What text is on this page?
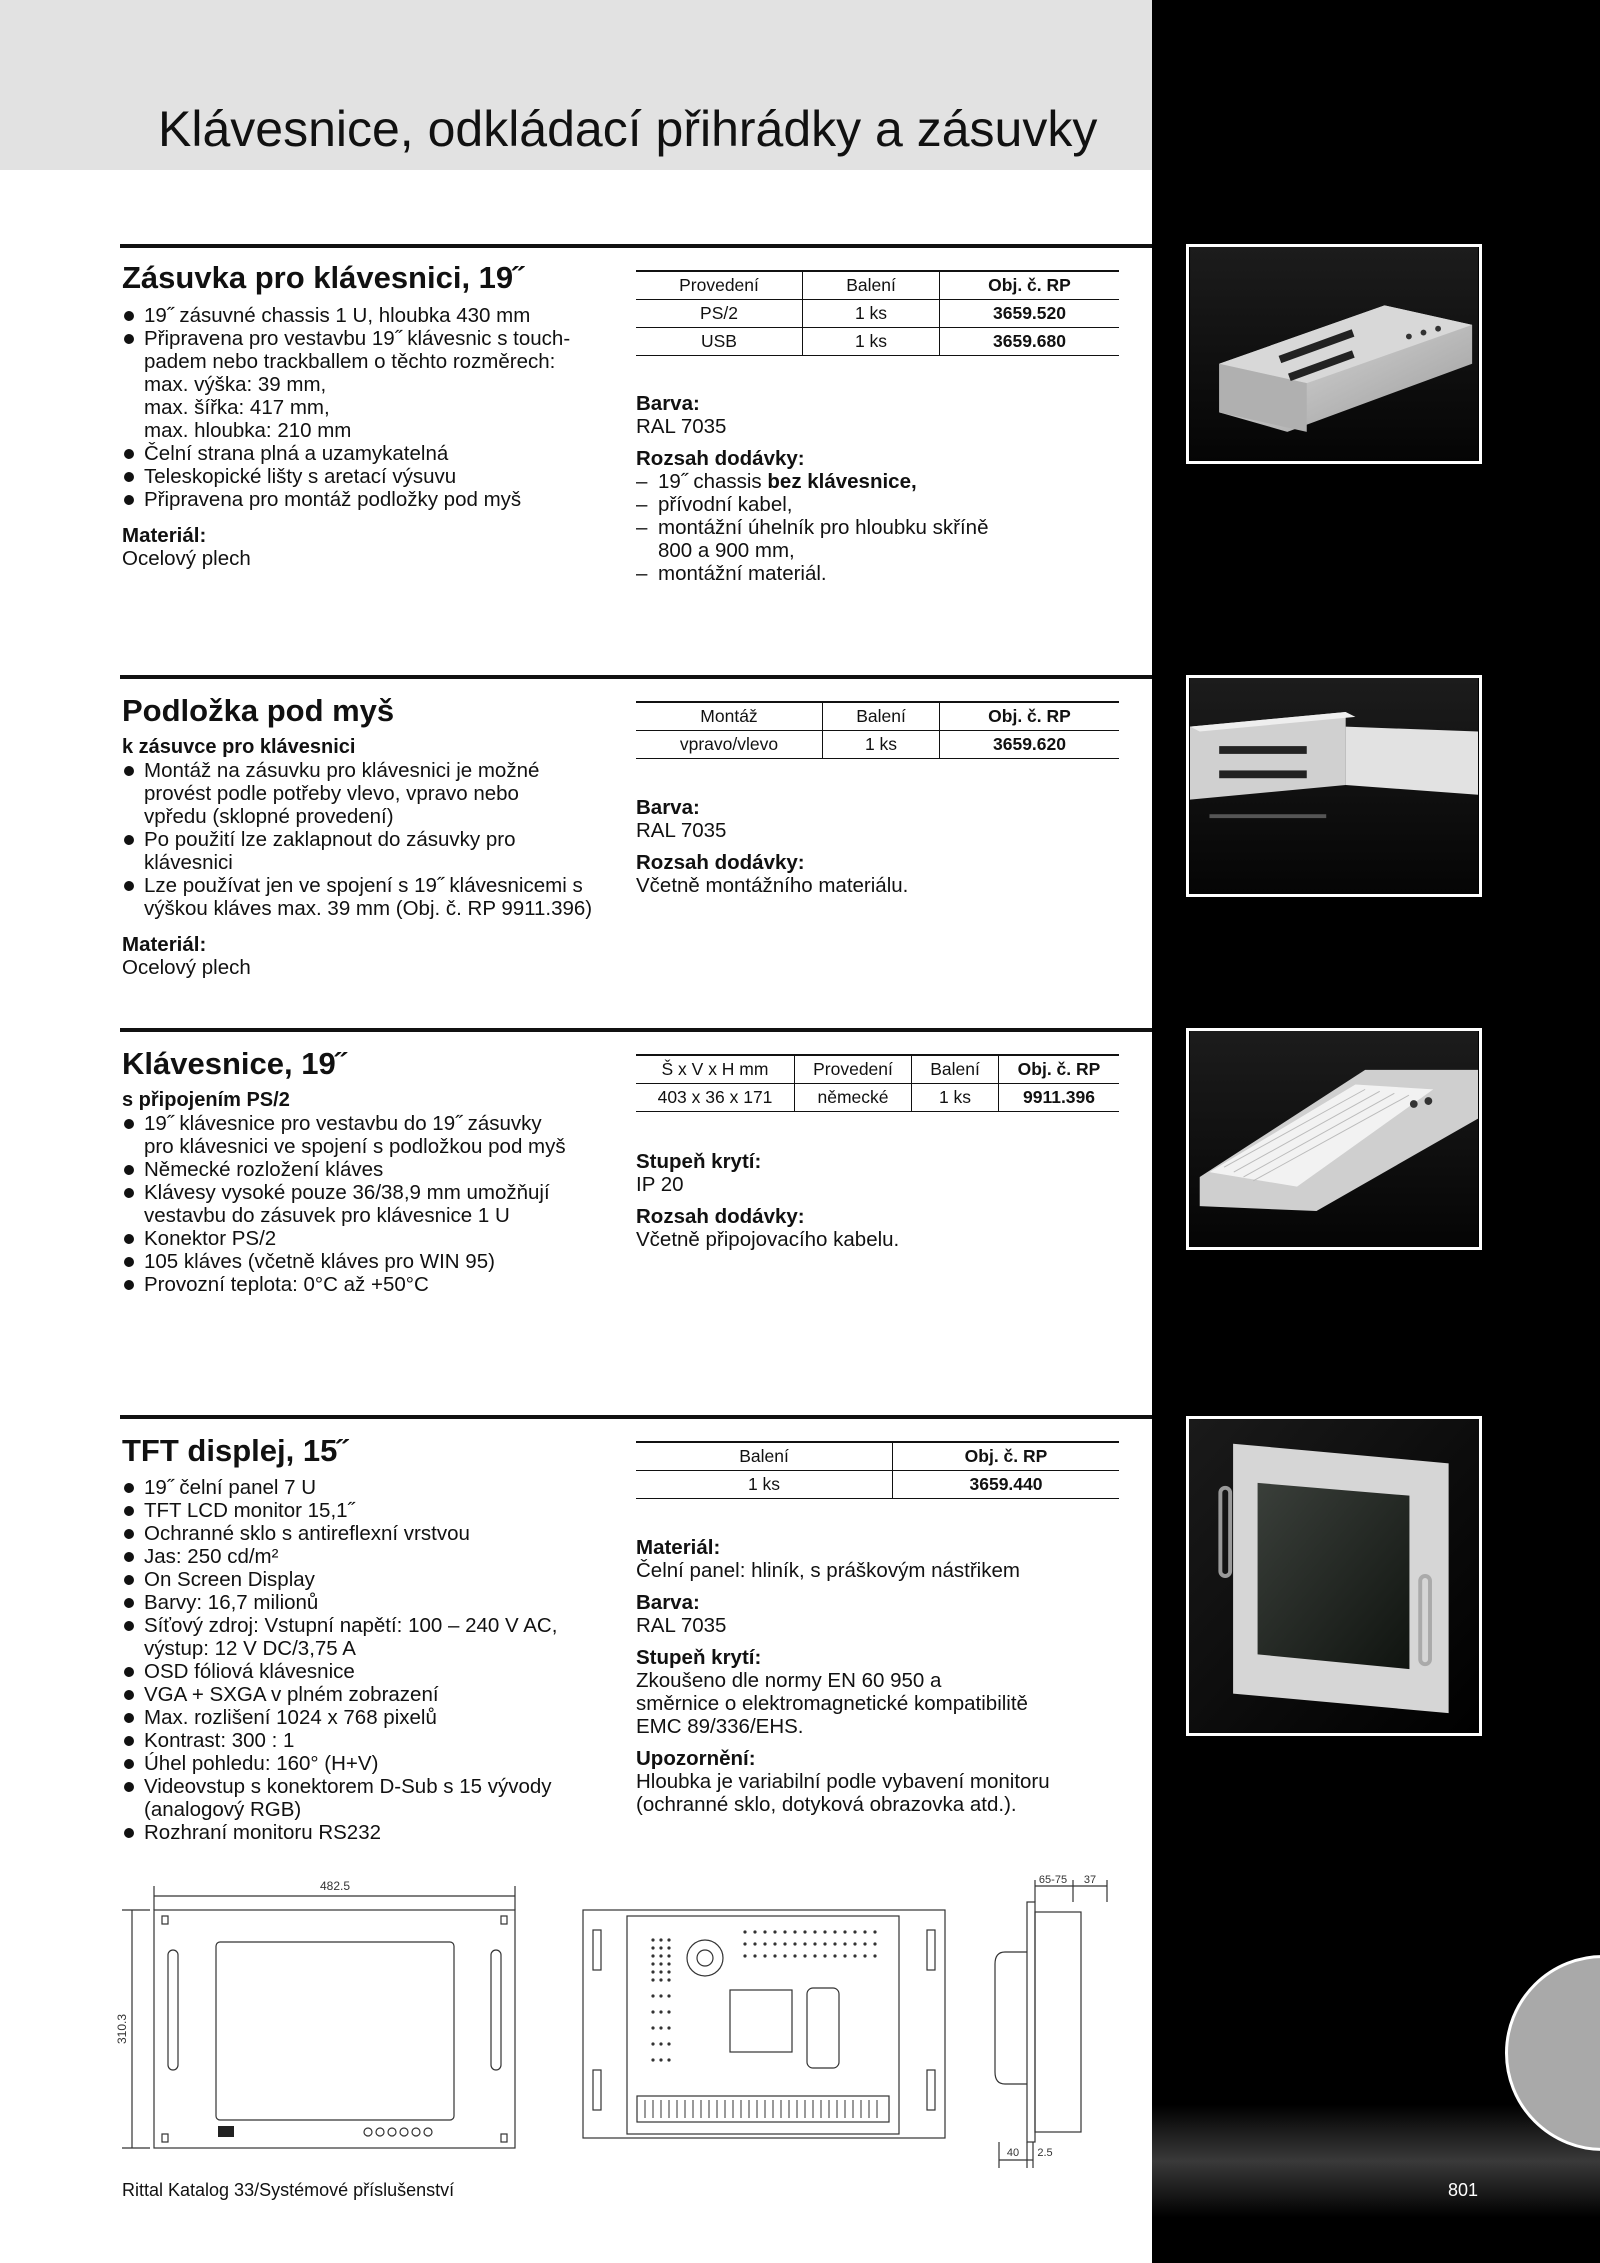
Klávesnice, odkládací přihrádky a zásuvky
Zásuvka pro klávesnici, 19˝
19˝ zásuvné chassis 1 U, hloubka 430 mm
Připravena pro vestavbu 19˝ klávesnic s touch-
padem nebo trackballem o těchto rozměrech:
max. výška: 39 mm,
max. šířka: 417 mm,
max. hloubka: 210 mm
Čelní strana plná a uzamykatelná
Teleskopické lišty s aretací výsuvu
Připravena pro montáž podložky pod myš
Materiál:
Ocelový plech
Provedení	Balení	Obj. č. RP
PS/2	1 ks	3659.520
USB	1 ks	3659.680
Barva:
RAL 7035
Rozsah dodávky:
– 19˝ chassis bez klávesnice,
– přívodní kabel,
– montážní úhelník pro hloubku skříně
800 a 900 mm,
– montážní materiál.
Podložka pod myš
k zásuvce pro klávesnici
Montáž na zásuvku pro klávesnici je možné
provést podle potřeby vlevo, vpravo nebo
vpředu (sklopné provedení)
Po použití lze zaklapnout do zásuvky pro
klávesnici
Lze používat jen ve spojení s 19˝ klávesnicemi s
výškou kláves max. 39 mm (Obj. č. RP 9911.396)
Materiál:
Ocelový plech
Montáž	Balení	Obj. č. RP
vpravo/vlevo	1 ks	3659.620
Barva:
RAL 7035
Rozsah dodávky:
Včetně montážního materiálu.
Klávesnice, 19˝
s připojením PS/2
19˝ klávesnice pro vestavbu do 19˝ zásuvky
pro klávesnici ve spojení s podložkou pod myš
Německé rozložení kláves
Klávesy vysoké pouze 36/38,9 mm umožňují
vestavbu do zásuvek pro klávesnice 1 U
Konektor PS/2
105 kláves (včetně kláves pro WIN 95)
Provozní teplota: 0°C až +50°C
Š x V x H mm	Provedení	Balení	Obj. č. RP
403 x 36 x 171	německé	1 ks	9911.396
Stupeň krytí:
IP 20
Rozsah dodávky:
Včetně připojovacího kabelu.
TFT displej, 15˝
19˝ čelní panel 7 U
TFT LCD monitor 15,1˝
Ochranné sklo s antireflexní vrstvou
Jas: 250 cd/m²
On Screen Display
Barvy: 16,7 milionů
Síťový zdroj: Vstupní napětí: 100 – 240 V AC,
výstup: 12 V DC/3,75 A
OSD fóliová klávesnice
VGA + SXGA v plném zobrazení
Max. rozlišení 1024 x 768 pixelů
Kontrast: 300 : 1
Úhel pohledu: 160° (H+V)
Videovstup s konektorem D-Sub s 15 vývody
(analogový RGB)
Rozhraní monitoru RS232
Balení	Obj. č. RP
1 ks	3659.440
Materiál:
Čelní panel: hliník, s práškovým nástřikem
Barva:
RAL 7035
Stupeň krytí:
Zkoušeno dle normy EN 60 950 a
směrnice o elektromagnetické kompatibilitě
EMC 89/336/EHS.
Upozornění:
Hloubka je variabilní podle vybavení monitoru
(ochranné sklo, dotyková obrazovka atd.).
482.5
310.3
65-75 37
40 2.5
Rittal Katalog 33/Systémové příslušenství	801
